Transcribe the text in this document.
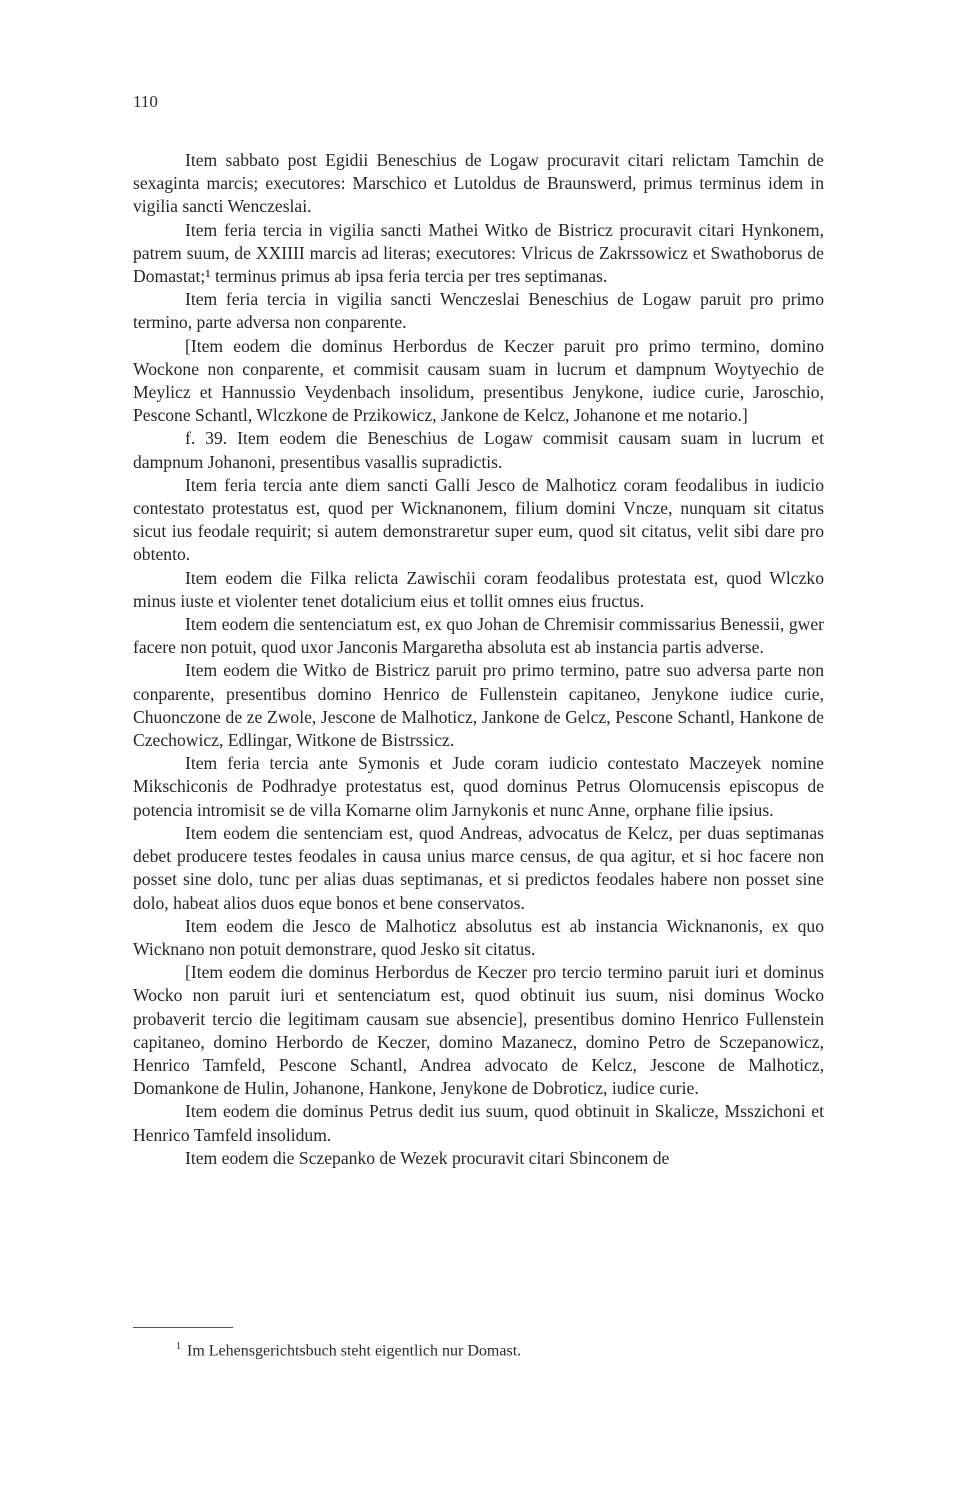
110

Item sabbato post Egidii Beneschius de Logaw procuravit citari relictam Tamchin de sexaginta marcis; executores: Marschico et Lutoldus de Braunswerd, primus terminus idem in vigilia sancti Wenczeslai.

Item feria tercia in vigilia sancti Mathei Witko de Bistricz procuravit citari Hynkonem, patrem suum, de XXIIII marcis ad literas; executores: Vlricus de Zakrssowicz et Swathoborus de Domastat;¹ terminus primus ab ipsa feria tercia per tres septimanas.

Item feria tercia in vigilia sancti Wenczeslai Beneschius de Logaw paruit pro primo termino, parte adversa non conparente.

[Item eodem die dominus Herbordus de Keczer paruit pro primo termino, domino Wockone non conparente, et commisit causam suam in lucrum et dampnum Woytyechio de Meylicz et Hannussio Veydenbach insolidum, presentibus Jenykone, iudice curie, Jaroschio, Pescone Schantl, Wlczkone de Przikowicz, Jankone de Kelcz, Johanone et me notario.]

f. 39. Item eodem die Beneschius de Logaw commisit causam suam in lucrum et dampnum Johanoni, presentibus vasallis supradictis.

Item feria tercia ante diem sancti Galli Jesco de Malhoticz coram feodalibus in iudicio contestato protestatus est, quod per Wicknanonem, filium domini Vncze, nunquam sit citatus sicut ius feodale requirit; si autem demonstraretur super eum, quod sit citatus, velit sibi dare pro obtento.

Item eodem die Filka relicta Zawischii coram feodalibus protestata est, quod Wlczko minus iuste et violenter tenet dotalicium eius et tollit omnes eius fructus.

Item eodem die sentenciatum est, ex quo Johan de Chremisir commissarius Benessii, gwer facere non potuit, quod uxor Janconis Margaretha absoluta est ab instancia partis adverse.

Item eodem die Witko de Bistricz paruit pro primo termino, patre suo adversa parte non conparente, presentibus domino Henrico de Fullenstein capitaneo, Jenykone iudice curie, Chuonczone de ze Zwole, Jescone de Malhoticz, Jankone de Gelcz, Pescone Schantl, Hankone de Czechowicz, Edlingar, Witkone de Bistrssicz.

Item feria tercia ante Symonis et Jude coram iudicio contestato Maczeyek nomine Mikschiconis de Podhradye protestatus est, quod dominus Petrus Olomucensis episcopus de potencia intromisit se de villa Komarne olim Jarnykonis et nunc Anne, orphane filie ipsius.

Item eodem die sentenciam est, quod Andreas, advocatus de Kelcz, per duas septimanas debet producere testes feodales in causa unius marce census, de qua agitur, et si hoc facere non posset sine dolo, tunc per alias duas septimanas, et si predictos feodales habere non posset sine dolo, habeat alios duos eque bonos et bene conservatos.

Item eodem die Jesco de Malhoticz absolutus est ab instancia Wicknanonis, ex quo Wicknano non potuit demonstrare, quod Jesko sit citatus.

[Item eodem die dominus Herbordus de Keczer pro tercio termino paruit iuri et dominus Wocko non paruit iuri et sentenciatum est, quod obtinuit ius suum, nisi dominus Wocko probaverit tercio die legitimam causam sue absencie], presentibus domino Henrico Fullenstein capitaneo, domino Herbordo de Keczer, domino Mazanecz, domino Petro de Sczepanowicz, Henrico Tamfeld, Pescone Schantl, Andrea advocato de Kelcz, Jescone de Malhoticz, Domankone de Hulin, Johanone, Hankone, Jenykone de Dobroticz, iudice curie.

Item eodem die dominus Petrus dedit ius suum, quod obtinuit in Skalicze, Msszichoni et Henrico Tamfeld insolidum.

Item eodem die Sczepanko de Wezek procuravit citari Sbinconem de

$^1$ Im Lehensgerichtsbuch steht eigentlich nur Domast.
